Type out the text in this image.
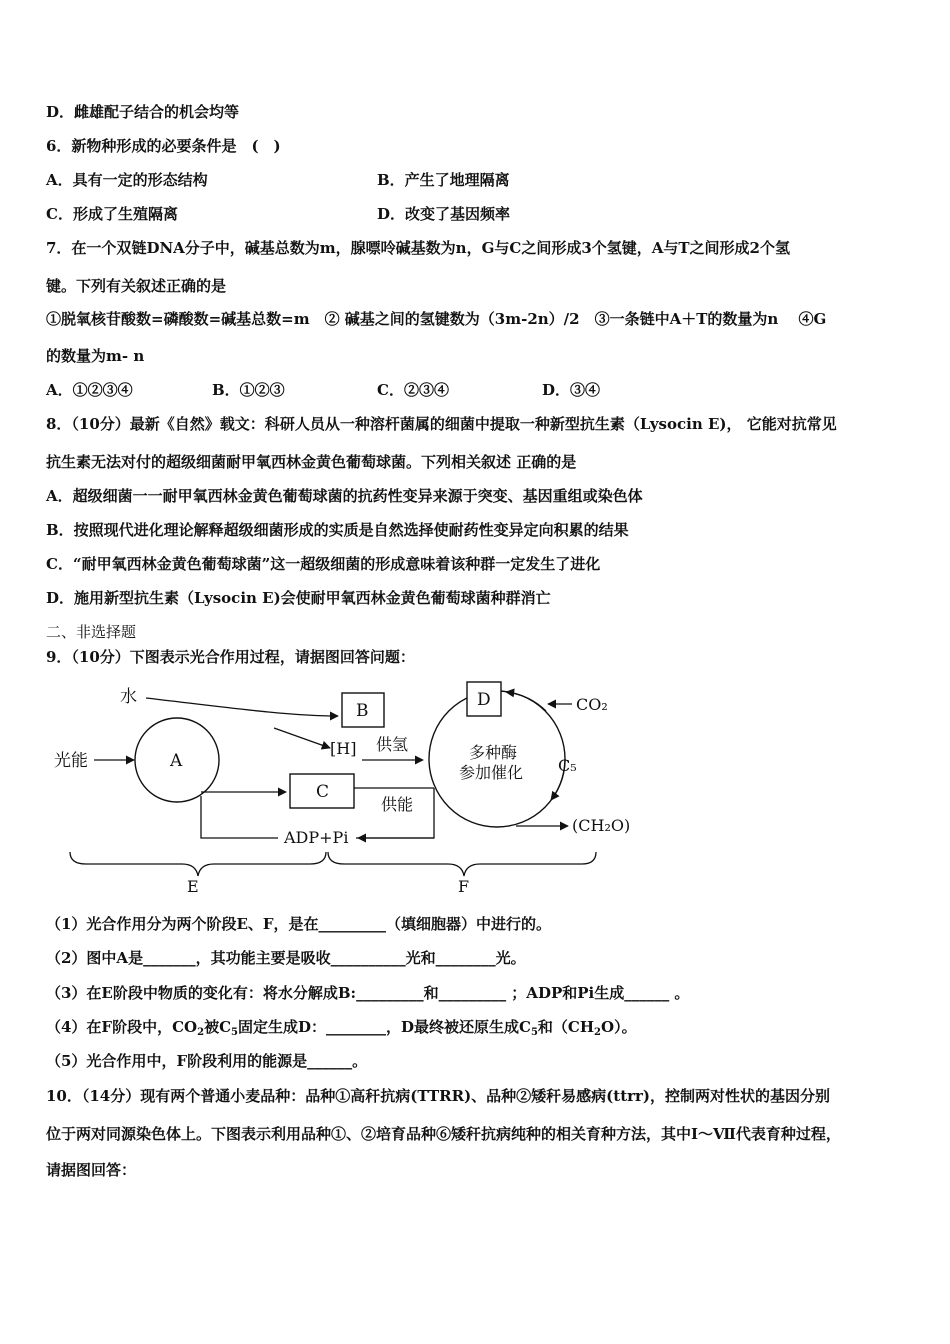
D．雌雄配子结合的机会均等
6．新物种形成的必要条件是　(　)
A．具有一定的形态结构	B．产生了地理隔离
C．形成了生殖隔离	D．改变了基因频率
7．在一个双链DNA分子中，碱基总数为m，腺嘌呤碱基数为n，G与C之间形成3个氢键，A与T之间形成2个氢
键。下列有关叙述正确的是
①脱氧核苷酸数=磷酸数=碱基总数=m　② 碱基之间的氢键数为（3m-2n）/2　③一条链中A＋T的数量为n　 ④G
的数量为m- n
A．①②③④	B．①②③	C．②③④	D．③④
8．（10分）最新《自然》载文：科研人员从一种溶杆菌属的细菌中提取一种新型抗生素（Lysocin E)， 它能对抗常见
抗生素无法对付的超级细菌耐甲氧西林金黄色葡萄球菌。下列相关叙述 正确的是
A．超级细菌一一耐甲氧西林金黄色葡萄球菌的抗药性变异来源于突变、基因重组或染色体
B．按照现代进化理论解释超级细菌形成的实质是自然选择使耐药性变异定向积累的结果
C．“耐甲氧西林金黄色葡萄球菌”这一超级细菌的形成意味着该种群一定发生了进化
D．施用新型抗生素（Lysocin E)会使耐甲氧西林金黄色葡萄球菌种群消亡
二、非选择题
9．（10分）下图表示光合作用过程，请据图回答问题：
水
光能	A
B
[H] 供氢
C
供能
ADP+Pi
D
多种酶
参加催化
CO₂
C₅
(CH₂O)
E	F
（1）光合作用分为两个阶段E、F，是在_________（填细胞器）中进行的。
（2）图中A是_______，其功能主要是吸收__________光和________光。
（3）在E阶段中物质的变化有：将水分解成B:_________和_________ ；ADP和Pi生成______ 。
（4）在F阶段中，$CO_2$被$C_5$固定生成D：________，D最终被还原生成$C_5$和$(CH_2O)$。
（5）光合作用中，F阶段利用的能源是______。
10．（14分）现有两个普通小麦品种：品种①高秆抗病(TTRR)、品种②矮秆易感病(ttrr)，控制两对性状的基因分别
位于两对同源染色体上。下图表示利用品种①、②培育品种⑥矮秆抗病纯种的相关育种方法，其中Ⅰ～Ⅶ代表育种过程，
请据图回答：
